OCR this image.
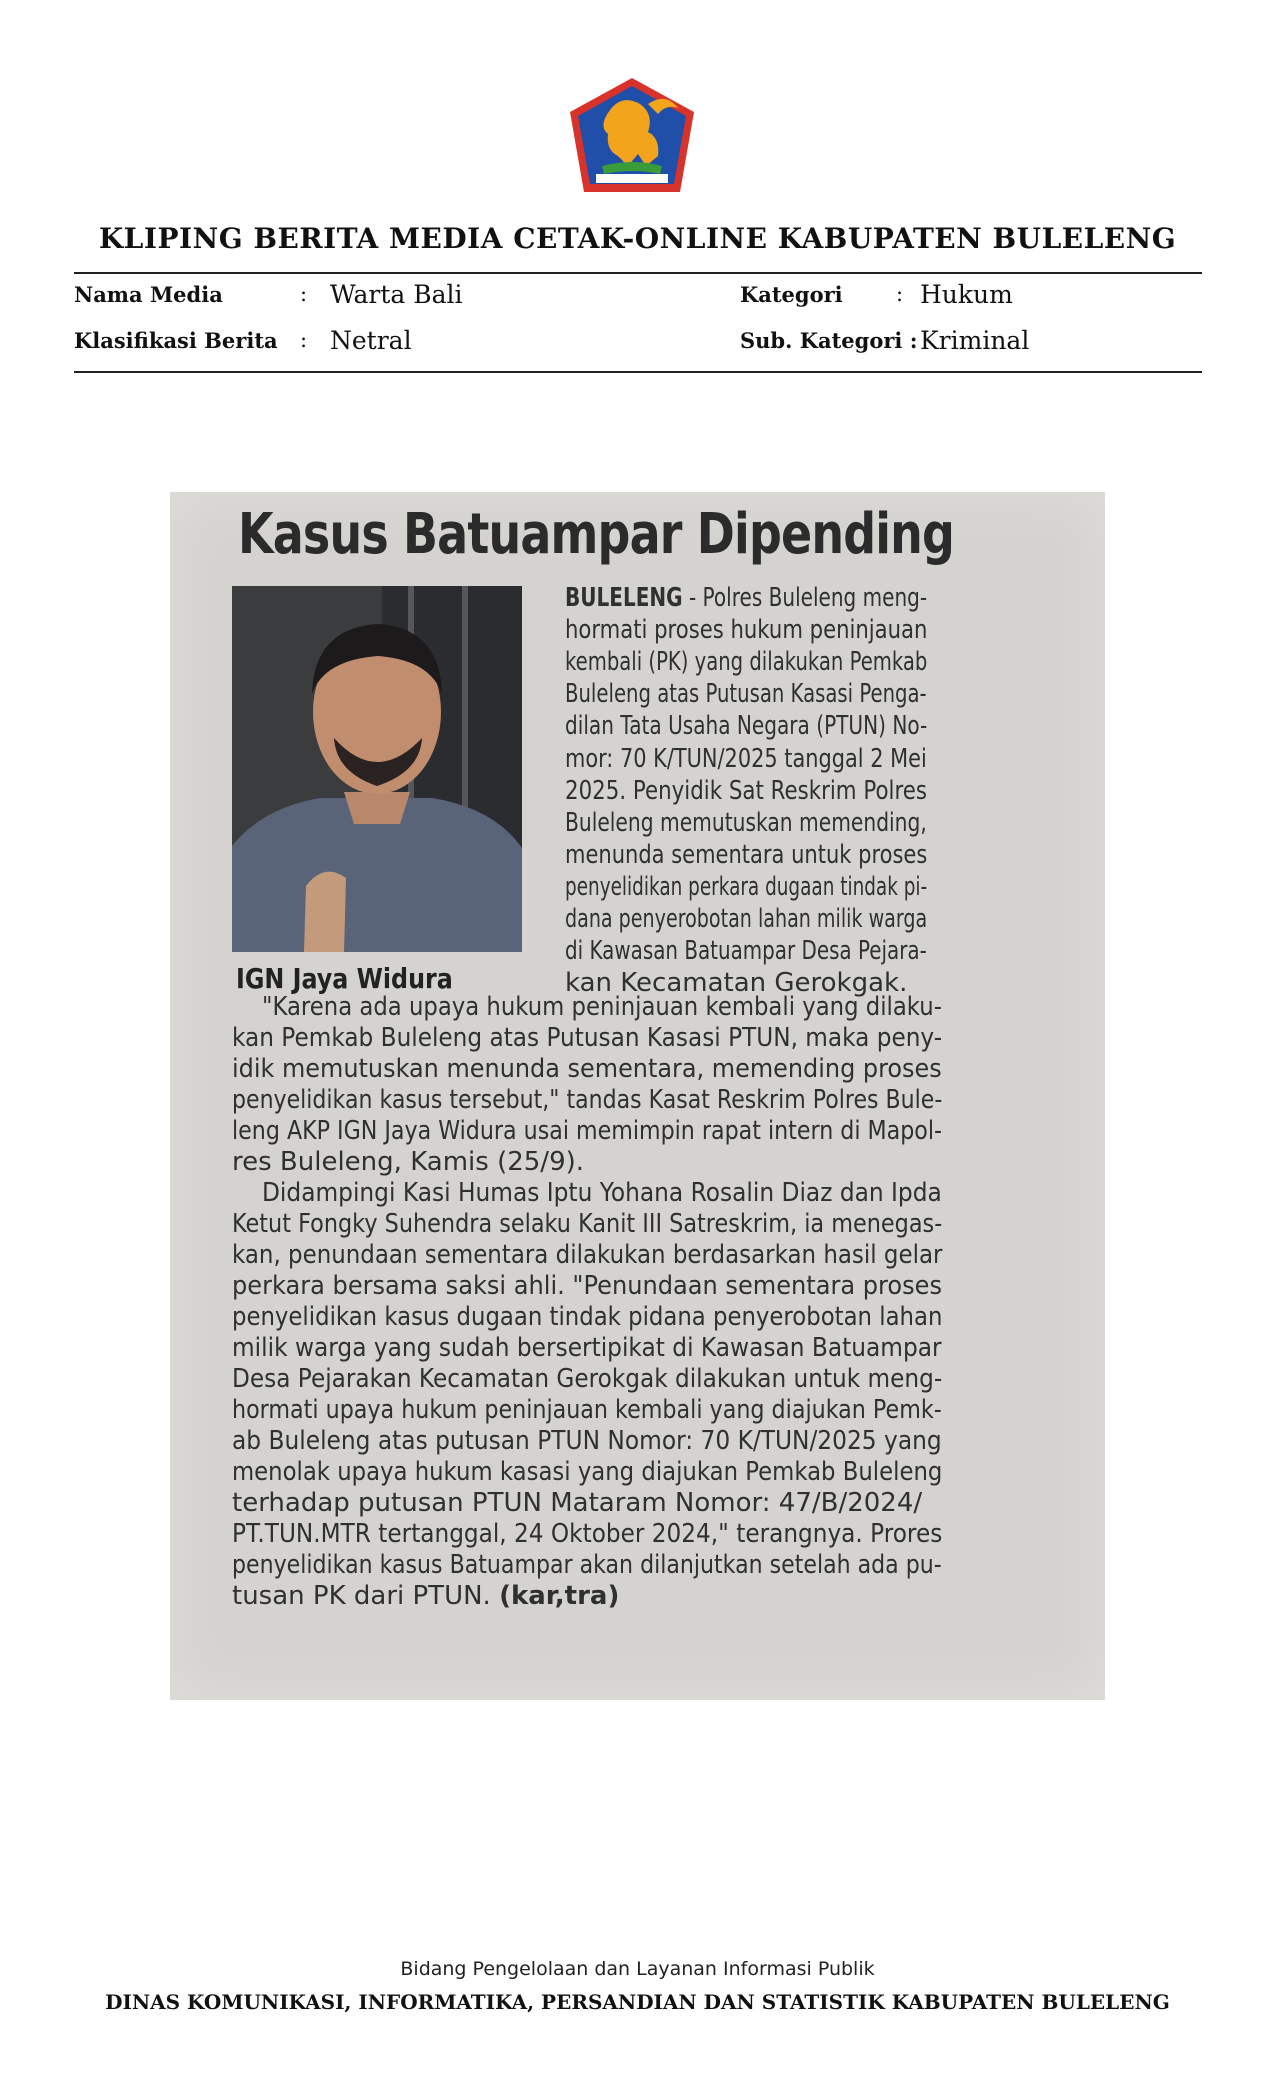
KLIPING BERITA MEDIA CETAK-ONLINE KABUPATEN BULELENG
Nama Media	: Warta Bali	Kategori	: Hukum
Klasifikasi Berita : Netral	Sub. Kategori : Kriminal
Kasus Batuampar Dipending
IGN Jaya Widura
BULELENG - Polres Buleleng meng-
hormati proses hukum peninjauan
kembali (PK) yang dilakukan Pemkab
Buleleng atas Putusan Kasasi Penga-
dilan Tata Usaha Negara (PTUN) No-
mor: 70 K/TUN/2025 tanggal 2 Mei
2025. Penyidik Sat Reskrim Polres
Buleleng memutuskan memending,
menunda sementara untuk proses
penyelidikan perkara dugaan tindak pi-
dana penyerobotan lahan milik warga
di Kawasan Batuampar Desa Pejara-
kan Kecamatan Gerokgak.
"Karena ada upaya hukum peninjauan kembali yang dilaku-
kan Pemkab Buleleng atas Putusan Kasasi PTUN, maka peny-
idik memutuskan menunda sementara, memending proses
penyelidikan kasus tersebut," tandas Kasat Reskrim Polres Bule-
leng AKP IGN Jaya Widura usai memimpin rapat intern di Mapol-
res Buleleng, Kamis (25/9).
Didampingi Kasi Humas Iptu Yohana Rosalin Diaz dan Ipda
Ketut Fongky Suhendra selaku Kanit III Satreskrim, ia menegas-
kan, penundaan sementara dilakukan berdasarkan hasil gelar
perkara bersama saksi ahli. "Penundaan sementara proses
penyelidikan kasus dugaan tindak pidana penyerobotan lahan
milik warga yang sudah bersertipikat di Kawasan Batuampar
Desa Pejarakan Kecamatan Gerokgak dilakukan untuk meng-
hormati upaya hukum peninjauan kembali yang diajukan Pemk-
ab Buleleng atas putusan PTUN Nomor: 70 K/TUN/2025 yang
menolak upaya hukum kasasi yang diajukan Pemkab Buleleng
terhadap putusan PTUN Mataram Nomor: 47/B/2024/
PT.TUN.MTR tertanggal, 24 Oktober 2024," terangnya. Prores
penyelidikan kasus Batuampar akan dilanjutkan setelah ada pu-
tusan PK dari PTUN. (kar,tra)
Bidang Pengelolaan dan Layanan Informasi Publik
DINAS KOMUNIKASI, INFORMATIKA, PERSANDIAN DAN STATISTIK KABUPATEN BULELENG
